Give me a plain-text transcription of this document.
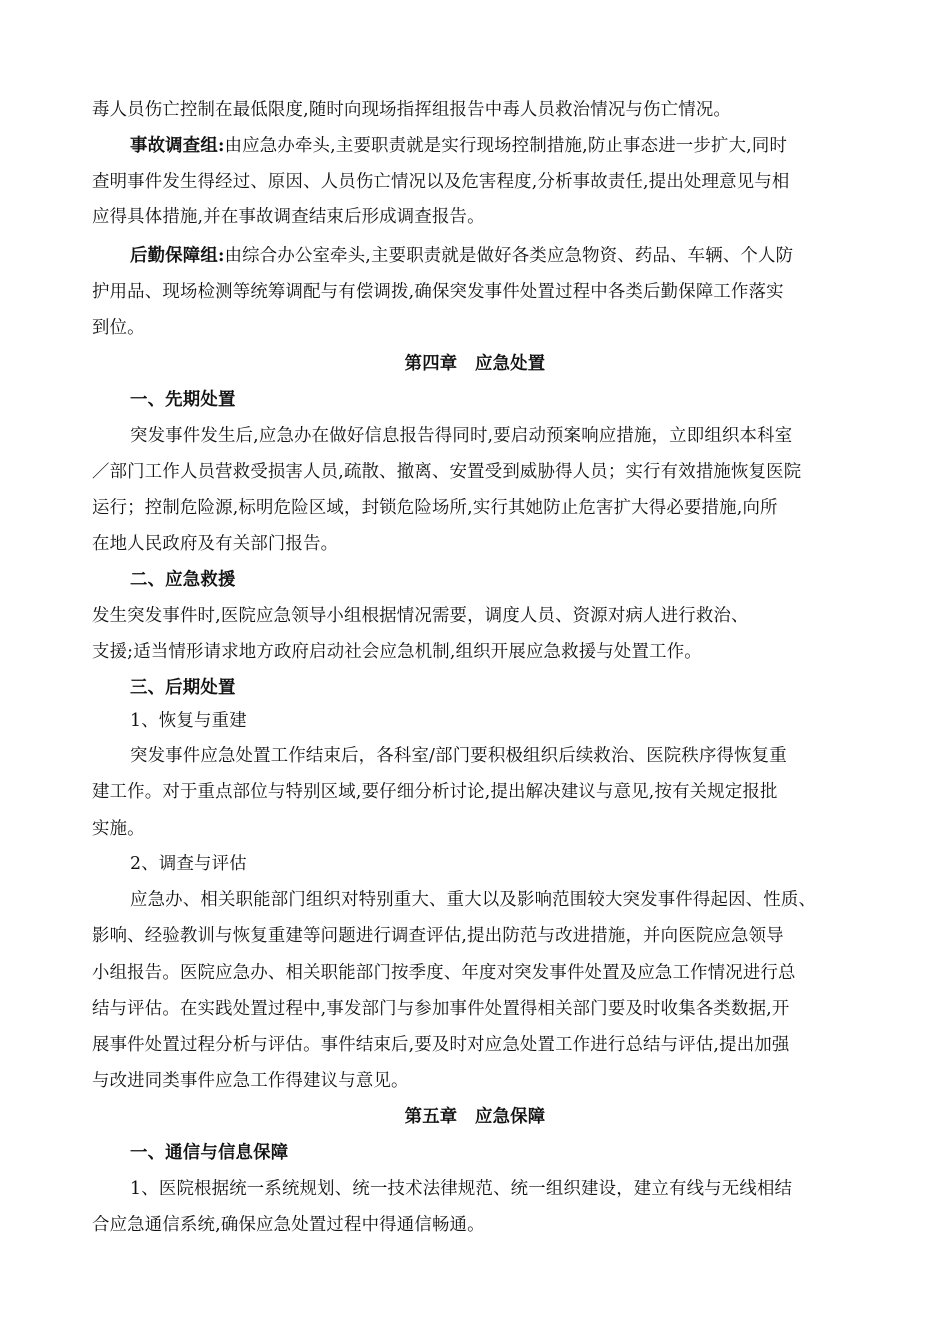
毒人员伤亡控制在最低限度,随时向现场指挥组报告中毒人员救治情况与伤亡情况。
事故调查组:由应急办牵头,主要职责就是实行现场控制措施,防止事态进一步扩大,同时
查明事件发生得经过、原因、人员伤亡情况以及危害程度,分析事故责任,提出处理意见与相
应得具体措施,并在事故调查结束后形成调查报告。
后勤保障组:由综合办公室牵头,主要职责就是做好各类应急物资、药品、车辆、个人防
护用品、现场检测等统筹调配与有偿调拨,确保突发事件处置过程中各类后勤保障工作落实
到位。
第四章　应急处置
一、先期处置
突发事件发生后,应急办在做好信息报告得同时,要启动预案响应措施，立即组织本科室
／部门工作人员营救受损害人员,疏散、撤离、安置受到威胁得人员；实行有效措施恢复医院
运行；控制危险源,标明危险区域，封锁危险场所,实行其她防止危害扩大得必要措施,向所
在地人民政府及有关部门报告。
二、应急救援
发生突发事件时,医院应急领导小组根据情况需要，调度人员、资源对病人进行救治、
支援;适当情形请求地方政府启动社会应急机制,组织开展应急救援与处置工作。
三、后期处置
1、恢复与重建
突发事件应急处置工作结束后，各科室/部门要积极组织后续救治、医院秩序得恢复重
建工作。对于重点部位与特别区域,要仔细分析讨论,提出解决建议与意见,按有关规定报批
实施。
2、调查与评估
应急办、相关职能部门组织对特别重大、重大以及影响范围较大突发事件得起因、性质、
影响、经验教训与恢复重建等问题进行调查评估,提出防范与改进措施，并向医院应急领导
小组报告。医院应急办、相关职能部门按季度、年度对突发事件处置及应急工作情况进行总
结与评估。在实践处置过程中,事发部门与参加事件处置得相关部门要及时收集各类数据,开
展事件处置过程分析与评估。事件结束后,要及时对应急处置工作进行总结与评估,提出加强
与改进同类事件应急工作得建议与意见。
第五章　应急保障
一、通信与信息保障
1、医院根据统一系统规划、统一技术法律规范、统一组织建设，建立有线与无线相结
合应急通信系统,确保应急处置过程中得通信畅通。
